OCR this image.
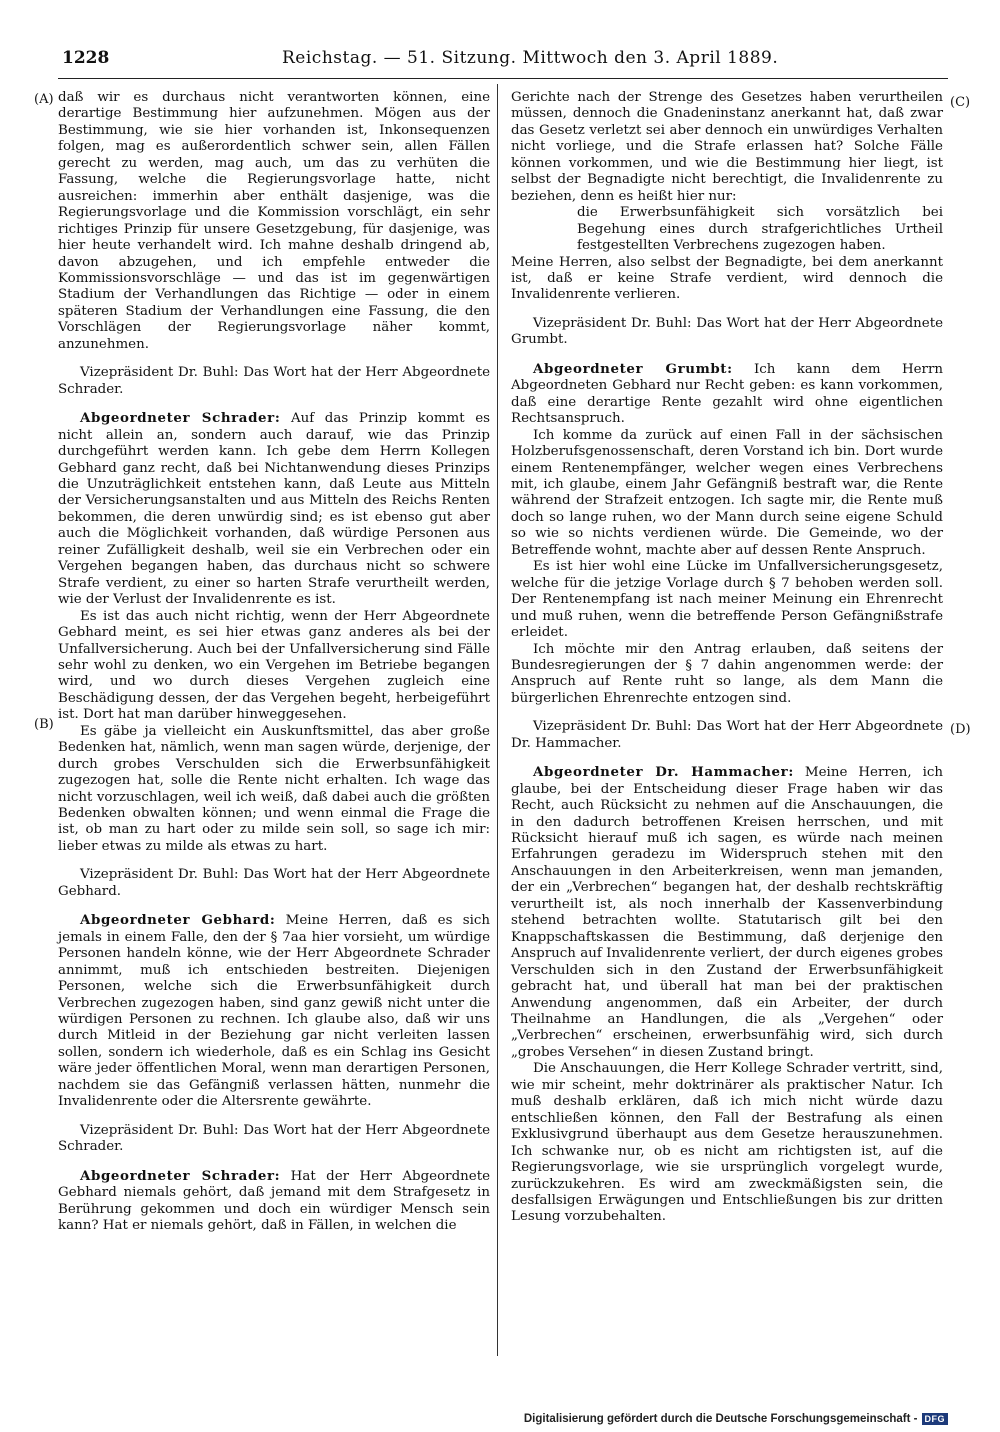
1228	Reichstag. — 51. Sitzung. Mittwoch den 3. April 1889.
(A)
(B)
(C)
(D)

daß wir es durchaus nicht verantworten können, eine derartige Bestimmung hier aufzunehmen. Mögen aus der Bestimmung, wie sie hier vorhanden ist, Inkonsequenzen folgen, mag es außerordentlich schwer sein, allen Fällen gerecht zu werden, mag auch, um das zu verhüten die Fassung, welche die Regierungsvorlage hatte, nicht ausreichen: immerhin aber enthält dasjenige, was die Regierungsvorlage und die Kommission vorschlägt, ein sehr richtiges Prinzip für unsere Gesetzgebung, für dasjenige, was hier heute verhandelt wird. Ich mahne deshalb dringend ab, davon abzugehen, und ich empfehle entweder die Kommissionsvorschläge — und das ist im gegenwärtigen Stadium der Verhandlungen das Richtige — oder in einem späteren Stadium der Verhandlungen eine Fassung, die den Vorschlägen der Regierungsvorlage näher kommt, anzunehmen.

Vizepräsident Dr. Buhl: Das Wort hat der Herr Abgeordnete Schrader.

Abgeordneter Schrader: Auf das Prinzip kommt es nicht allein an, sondern auch darauf, wie das Prinzip durchgeführt werden kann. Ich gebe dem Herrn Kollegen Gebhard ganz recht, daß bei Nichtanwendung dieses Prinzips die Unzuträglichkeit entstehen kann, daß Leute aus Mitteln der Versicherungsanstalten und aus Mitteln des Reichs Renten bekommen, die deren unwürdig sind; es ist ebenso gut aber auch die Möglichkeit vorhanden, daß würdige Personen aus reiner Zufälligkeit deshalb, weil sie ein Verbrechen oder ein Vergehen begangen haben, das durchaus nicht so schwere Strafe verdient, zu einer so harten Strafe verurtheilt werden, wie der Verlust der Invalidenrente es ist.

Es ist das auch nicht richtig, wenn der Herr Abgeordnete Gebhard meint, es sei hier etwas ganz anderes als bei der Unfallversicherung. Auch bei der Unfallversicherung sind Fälle sehr wohl zu denken, wo ein Vergehen im Betriebe begangen wird, und wo durch dieses Vergehen zugleich eine Beschädigung dessen, der das Vergehen begeht, herbeigeführt ist. Dort hat man darüber hinweggesehen.

Es gäbe ja vielleicht ein Auskunftsmittel, das aber große Bedenken hat, nämlich, wenn man sagen würde, derjenige, der durch grobes Verschulden sich die Erwerbsunfähigkeit zugezogen hat, solle die Rente nicht erhalten. Ich wage das nicht vorzuschlagen, weil ich weiß, daß dabei auch die größten Bedenken obwalten können; und wenn einmal die Frage die ist, ob man zu hart oder zu milde sein soll, so sage ich mir: lieber etwas zu milde als etwas zu hart.

Vizepräsident Dr. Buhl: Das Wort hat der Herr Abgeordnete Gebhard.

Abgeordneter Gebhard: Meine Herren, daß es sich jemals in einem Falle, den der § 7aa hier vorsieht, um würdige Personen handeln könne, wie der Herr Abgeordnete Schrader annimmt, muß ich entschieden bestreiten. Diejenigen Personen, welche sich die Erwerbsunfähigkeit durch Verbrechen zugezogen haben, sind ganz gewiß nicht unter die würdigen Personen zu rechnen. Ich glaube also, daß wir uns durch Mitleid in der Beziehung gar nicht verleiten lassen sollen, sondern ich wiederhole, daß es ein Schlag ins Gesicht wäre jeder öffentlichen Moral, wenn man derartigen Personen, nachdem sie das Gefängniß verlassen hätten, nunmehr die Invalidenrente oder die Altersrente gewährte.

Vizepräsident Dr. Buhl: Das Wort hat der Herr Abgeordnete Schrader.

Abgeordneter Schrader: Hat der Herr Abgeordnete Gebhard niemals gehört, daß jemand mit dem Strafgesetz in Berührung gekommen und doch ein würdiger Mensch sein kann? Hat er niemals gehört, daß in Fällen, in welchen die

Gerichte nach der Strenge des Gesetzes haben verurtheilen müssen, dennoch die Gnadeninstanz anerkannt hat, daß zwar das Gesetz verletzt sei aber dennoch ein unwürdiges Verhalten nicht vorliege, und die Strafe erlassen hat? Solche Fälle können vorkommen, und wie die Bestimmung hier liegt, ist selbst der Begnadigte nicht berechtigt, die Invalidenrente zu beziehen, denn es heißt hier nur:

die Erwerbsunfähigkeit sich vorsätzlich bei Begehung eines durch strafgerichtliches Urtheil festgestellten Verbrechens zugezogen haben.

Meine Herren, also selbst der Begnadigte, bei dem anerkannt ist, daß er keine Strafe verdient, wird dennoch die Invalidenrente verlieren.

Vizepräsident Dr. Buhl: Das Wort hat der Herr Abgeordnete Grumbt.

Abgeordneter Grumbt: Ich kann dem Herrn Abgeordneten Gebhard nur Recht geben: es kann vorkommen, daß eine derartige Rente gezahlt wird ohne eigentlichen Rechtsanspruch.

Ich komme da zurück auf einen Fall in der sächsischen Holzberufsgenossenschaft, deren Vorstand ich bin. Dort wurde einem Rentenempfänger, welcher wegen eines Verbrechens mit, ich glaube, einem Jahr Gefängniß bestraft war, die Rente während der Strafzeit entzogen. Ich sagte mir, die Rente muß doch so lange ruhen, wo der Mann durch seine eigene Schuld so wie so nichts verdienen würde. Die Gemeinde, wo der Betreffende wohnt, machte aber auf dessen Rente Anspruch.

Es ist hier wohl eine Lücke im Unfallversicherungsgesetz, welche für die jetzige Vorlage durch § 7 behoben werden soll. Der Rentenempfang ist nach meiner Meinung ein Ehrenrecht und muß ruhen, wenn die betreffende Person Gefängnißstrafe erleidet.

Ich möchte mir den Antrag erlauben, daß seitens der Bundesregierungen der § 7 dahin angenommen werde: der Anspruch auf Rente ruht so lange, als dem Mann die bürgerlichen Ehrenrechte entzogen sind.

Vizepräsident Dr. Buhl: Das Wort hat der Herr Abgeordnete Dr. Hammacher.

Abgeordneter Dr. Hammacher: Meine Herren, ich glaube, bei der Entscheidung dieser Frage haben wir das Recht, auch Rücksicht zu nehmen auf die Anschauungen, die in den dadurch betroffenen Kreisen herrschen, und mit Rücksicht hierauf muß ich sagen, es würde nach meinen Erfahrungen geradezu im Widerspruch stehen mit den Anschauungen in den Arbeiterkreisen, wenn man jemanden, der ein „Verbrechen“ begangen hat, der deshalb rechtskräftig verurtheilt ist, als noch innerhalb der Kassenverbindung stehend betrachten wollte. Statutarisch gilt bei den Knappschaftskassen die Bestimmung, daß derjenige den Anspruch auf Invalidenrente verliert, der durch eigenes grobes Verschulden sich in den Zustand der Erwerbsunfähigkeit gebracht hat, und überall hat man bei der praktischen Anwendung angenommen, daß ein Arbeiter, der durch Theilnahme an Handlungen, die als „Vergehen“ oder „Verbrechen“ erscheinen, erwerbsunfähig wird, sich durch „grobes Versehen“ in diesen Zustand bringt.

Die Anschauungen, die Herr Kollege Schrader vertritt, sind, wie mir scheint, mehr doktrinärer als praktischer Natur. Ich muß deshalb erklären, daß ich mich nicht würde dazu entschließen können, den Fall der Bestrafung als einen Exklusivgrund überhaupt aus dem Gesetze herauszunehmen. Ich schwanke nur, ob es nicht am richtigsten ist, auf die Regierungsvorlage, wie sie ursprünglich vorgelegt wurde, zurückzukehren. Es wird am zweckmäßigsten sein, die desfallsigen Erwägungen und Entschließungen bis zur dritten Lesung vorzubehalten.

Digitalisierung gefördert durch die Deutsche Forschungsgemeinschaft - DFG
